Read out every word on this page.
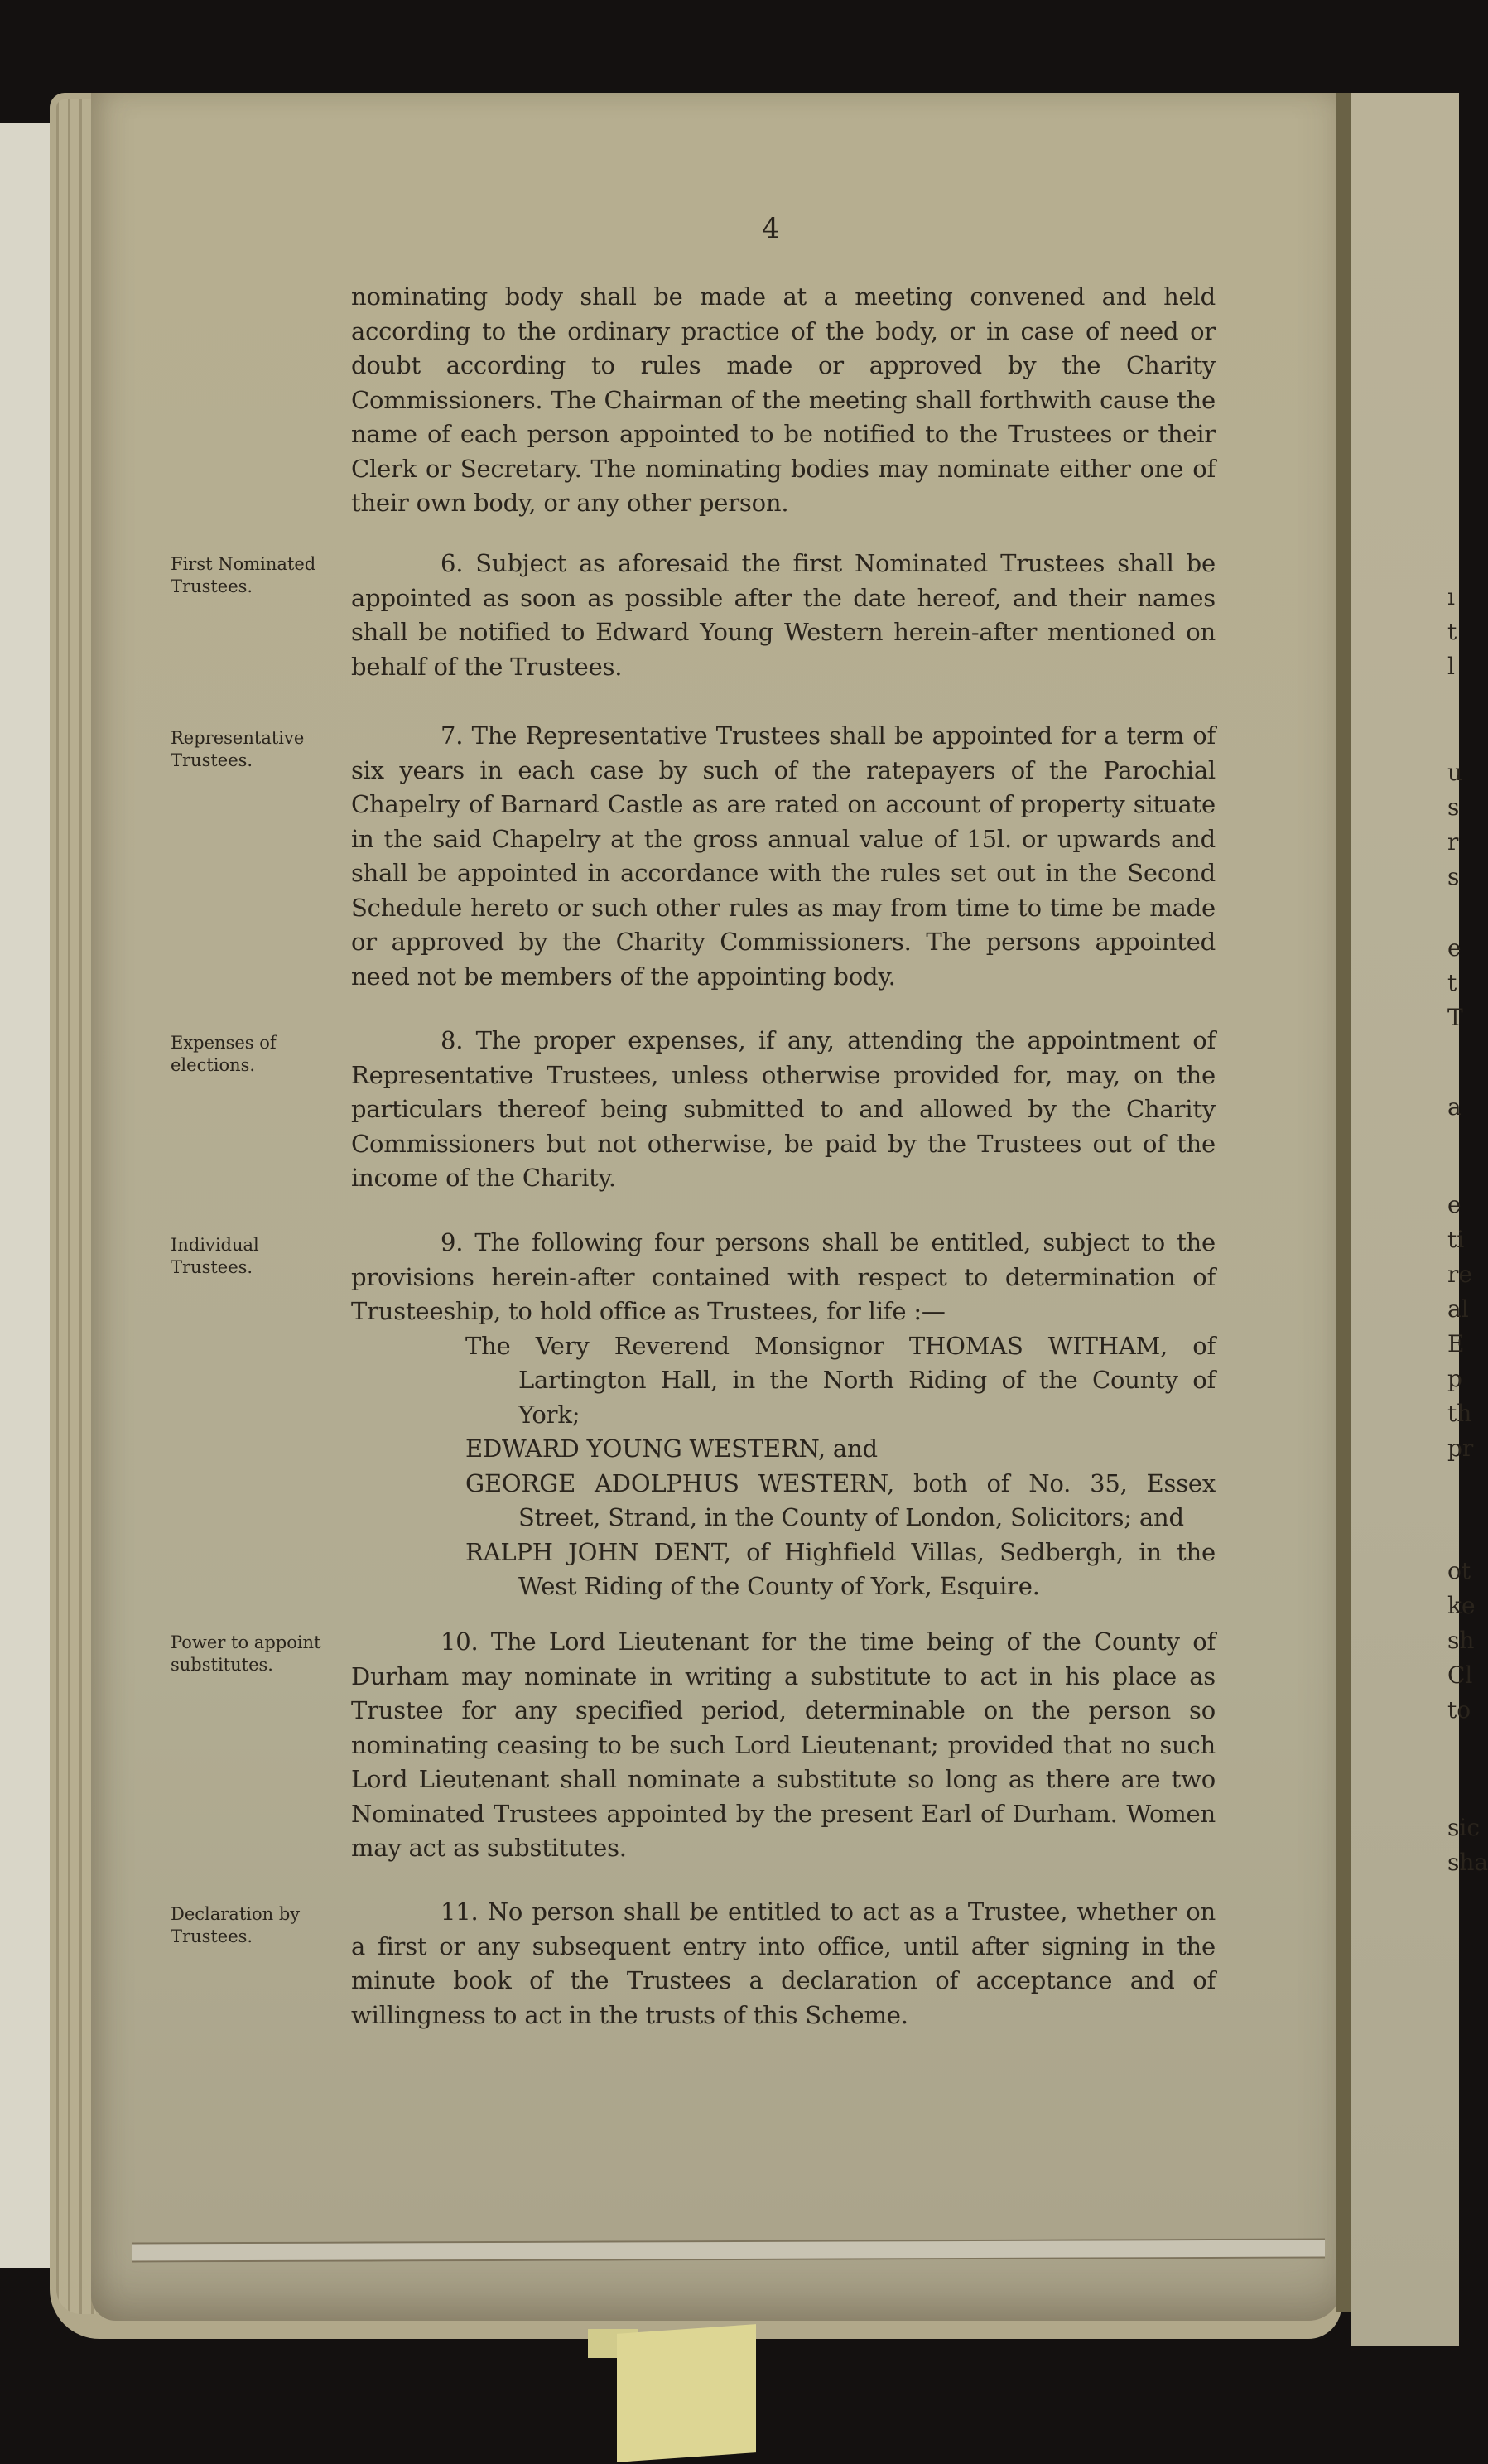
4

nominating body shall be made at a meeting convened and held according to the ordinary practice of the body, or in case of need or doubt according to rules made or approved by the Charity Commissioners. The Chairman of the meeting shall forthwith cause the name of each person appointed to be notified to the Trustees or their Clerk or Secretary. The nominating bodies may nominate either one of their own body, or any other person.

First Nominated Trustees.

6. Subject as aforesaid the first Nominated Trustees shall be appointed as soon as possible after the date hereof, and their names shall be notified to Edward Young Western herein-after mentioned on behalf of the Trustees.

Representative Trustees.

7. The Representative Trustees shall be appointed for a term of six years in each case by such of the ratepayers of the Parochial Chapelry of Barnard Castle as are rated on account of property situate in the said Chapelry at the gross annual value of 15l. or upwards and shall be appointed in accordance with the rules set out in the Second Schedule hereto or such other rules as may from time to time be made or approved by the Charity Commissioners. The persons appointed need not be members of the appointing body.

Expenses of elections.

8. The proper expenses, if any, attending the appointment of Representative Trustees, unless otherwise provided for, may, on the particulars thereof being submitted to and allowed by the Charity Commissioners but not otherwise, be paid by the Trustees out of the income of the Charity.

Individual Trustees.

9. The following four persons shall be entitled, subject to the provisions herein-after contained with respect to determination of Trusteeship, to hold office as Trustees, for life :—

The Very Reverend Monsignor THOMAS WITHAM, of Lartington Hall, in the North Riding of the County of York;

EDWARD YOUNG WESTERN, and

GEORGE ADOLPHUS WESTERN, both of No. 35, Essex Street, Strand, in the County of London, Solicitors; and

RALPH JOHN DENT, of Highfield Villas, Sedbergh, in the West Riding of the County of York, Esquire.

Power to appoint substitutes.

10. The Lord Lieutenant for the time being of the County of Durham may nominate in writing a substitute to act in his place as Trustee for any specified period, determinable on the person so nominating ceasing to be such Lord Lieutenant; provided that no such Lord Lieutenant shall nominate a substitute so long as there are two Nominated Trustees appointed by the present Earl of Durham. Women may act as substitutes.

Declaration by Trustees.

11. No person shall be entitled to act as a Trustee, whether on a first or any subsequent entry into office, until after signing in the minute book of the Trustees a declaration of acceptance and of willingness to act in the trusts of this Scheme.

ı
t
l
u
s
r
s
e
t
T
a
e
ti
re
al
E
p
th
pr
ot
ke
sh
Cl
to
sic
sha
